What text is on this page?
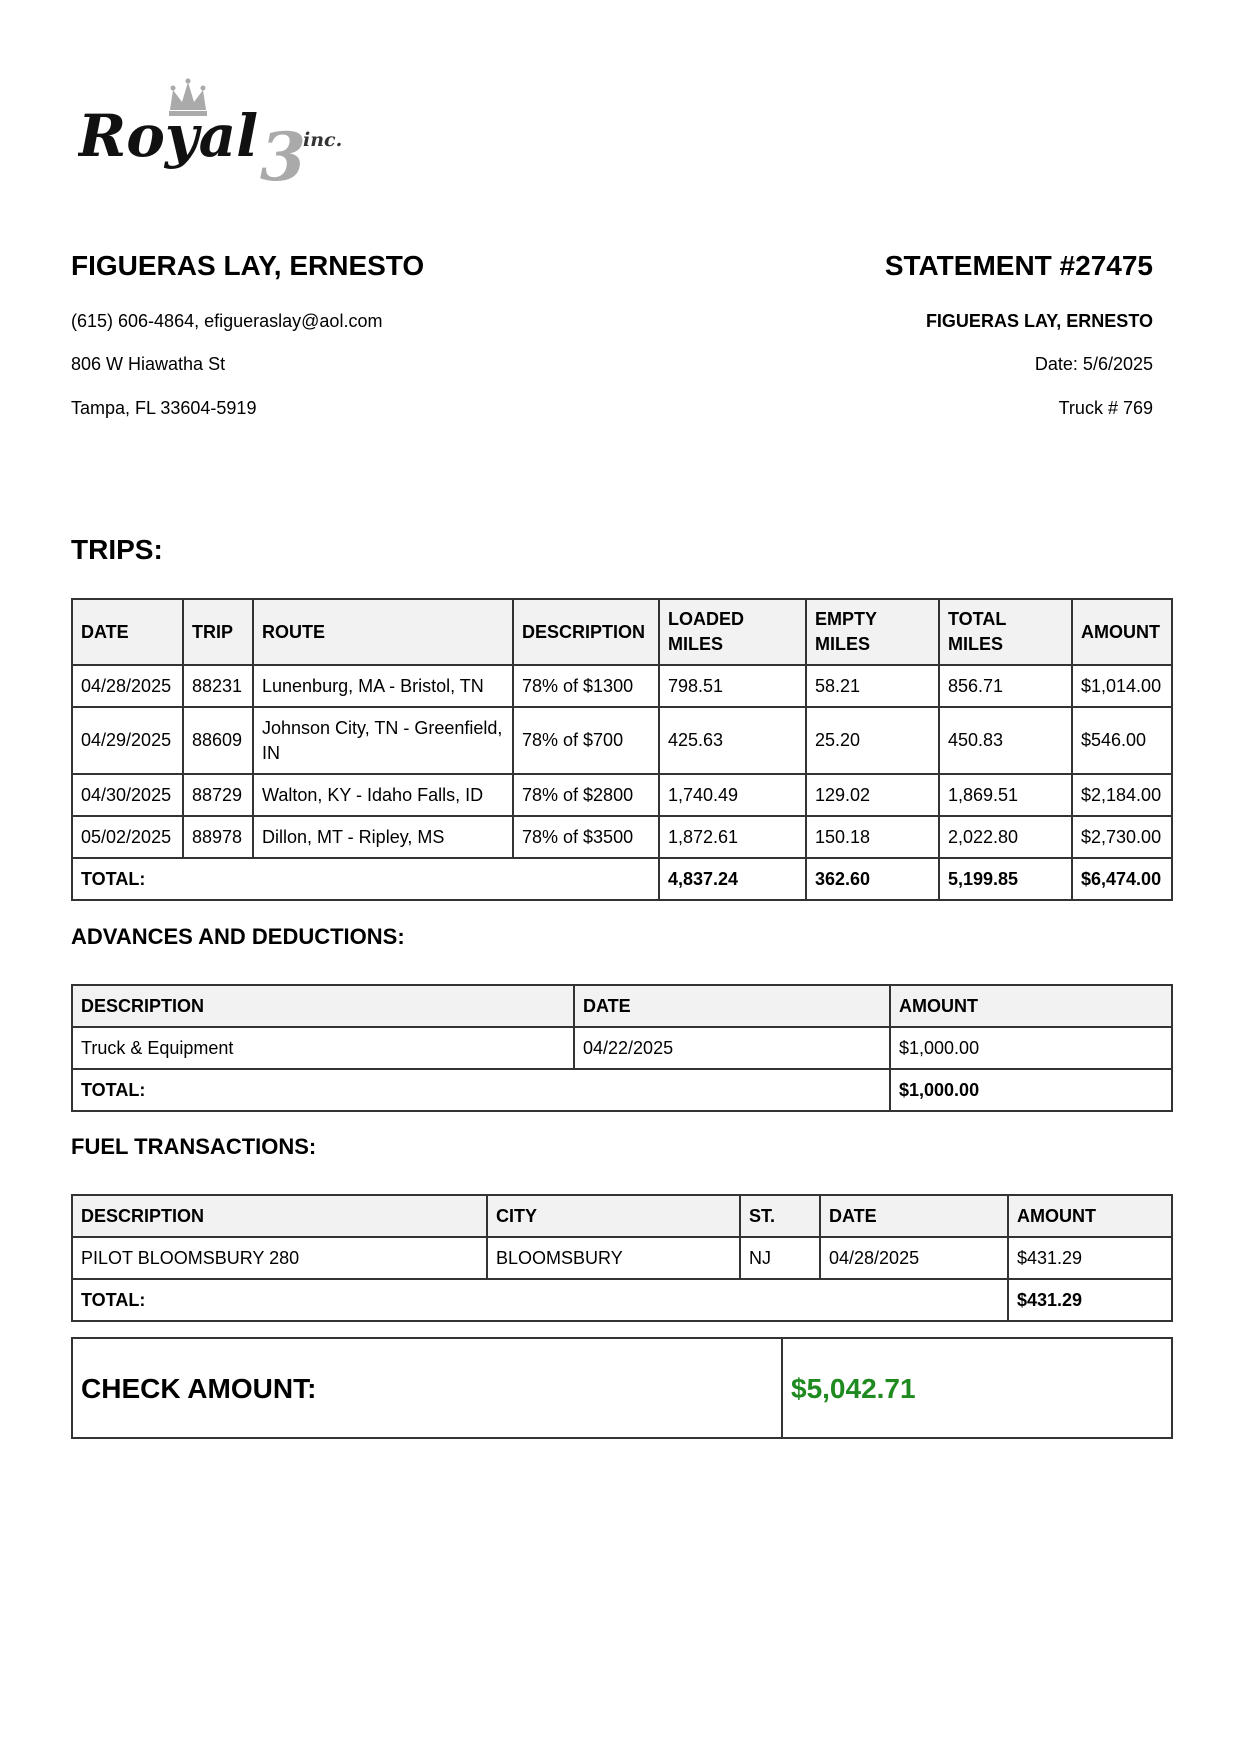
Royal 3
inc.
FIGUERAS LAY, ERNESTO
(615) 606-4864, efigueraslay@aol.com
806 W Hiawatha St
Tampa, FL 33604-5919
STATEMENT #27475
FIGUERAS LAY, ERNESTO
Date: 5/6/2025
Truck # 769
TRIPS:
DATE	TRIP	ROUTE	DESCRIPTION	LOADED MILES	EMPTY MILES	TOTAL MILES	AMOUNT
04/28/2025	88231	Lunenburg, MA - Bristol, TN	78% of $1300	798.51	58.21	856.71	$1,014.00
04/29/2025	88609	Johnson City, TN - Greenfield, IN	78% of $700	425.63	25.20	450.83	$546.00
04/30/2025	88729	Walton, KY - Idaho Falls, ID	78% of $2800	1,740.49	129.02	1,869.51	$2,184.00
05/02/2025	88978	Dillon, MT - Ripley, MS	78% of $3500	1,872.61	150.18	2,022.80	$2,730.00
TOTAL:				4,837.24	362.60	5,199.85	$6,474.00
ADVANCES AND DEDUCTIONS:
DESCRIPTION	DATE	AMOUNT
Truck & Equipment	04/22/2025	$1,000.00
TOTAL:		$1,000.00
FUEL TRANSACTIONS:
DESCRIPTION	CITY	ST.	DATE	AMOUNT
PILOT BLOOMSBURY 280	BLOOMSBURY	NJ	04/28/2025	$431.29
TOTAL:				$431.29
CHECK AMOUNT:	$5,042.71
